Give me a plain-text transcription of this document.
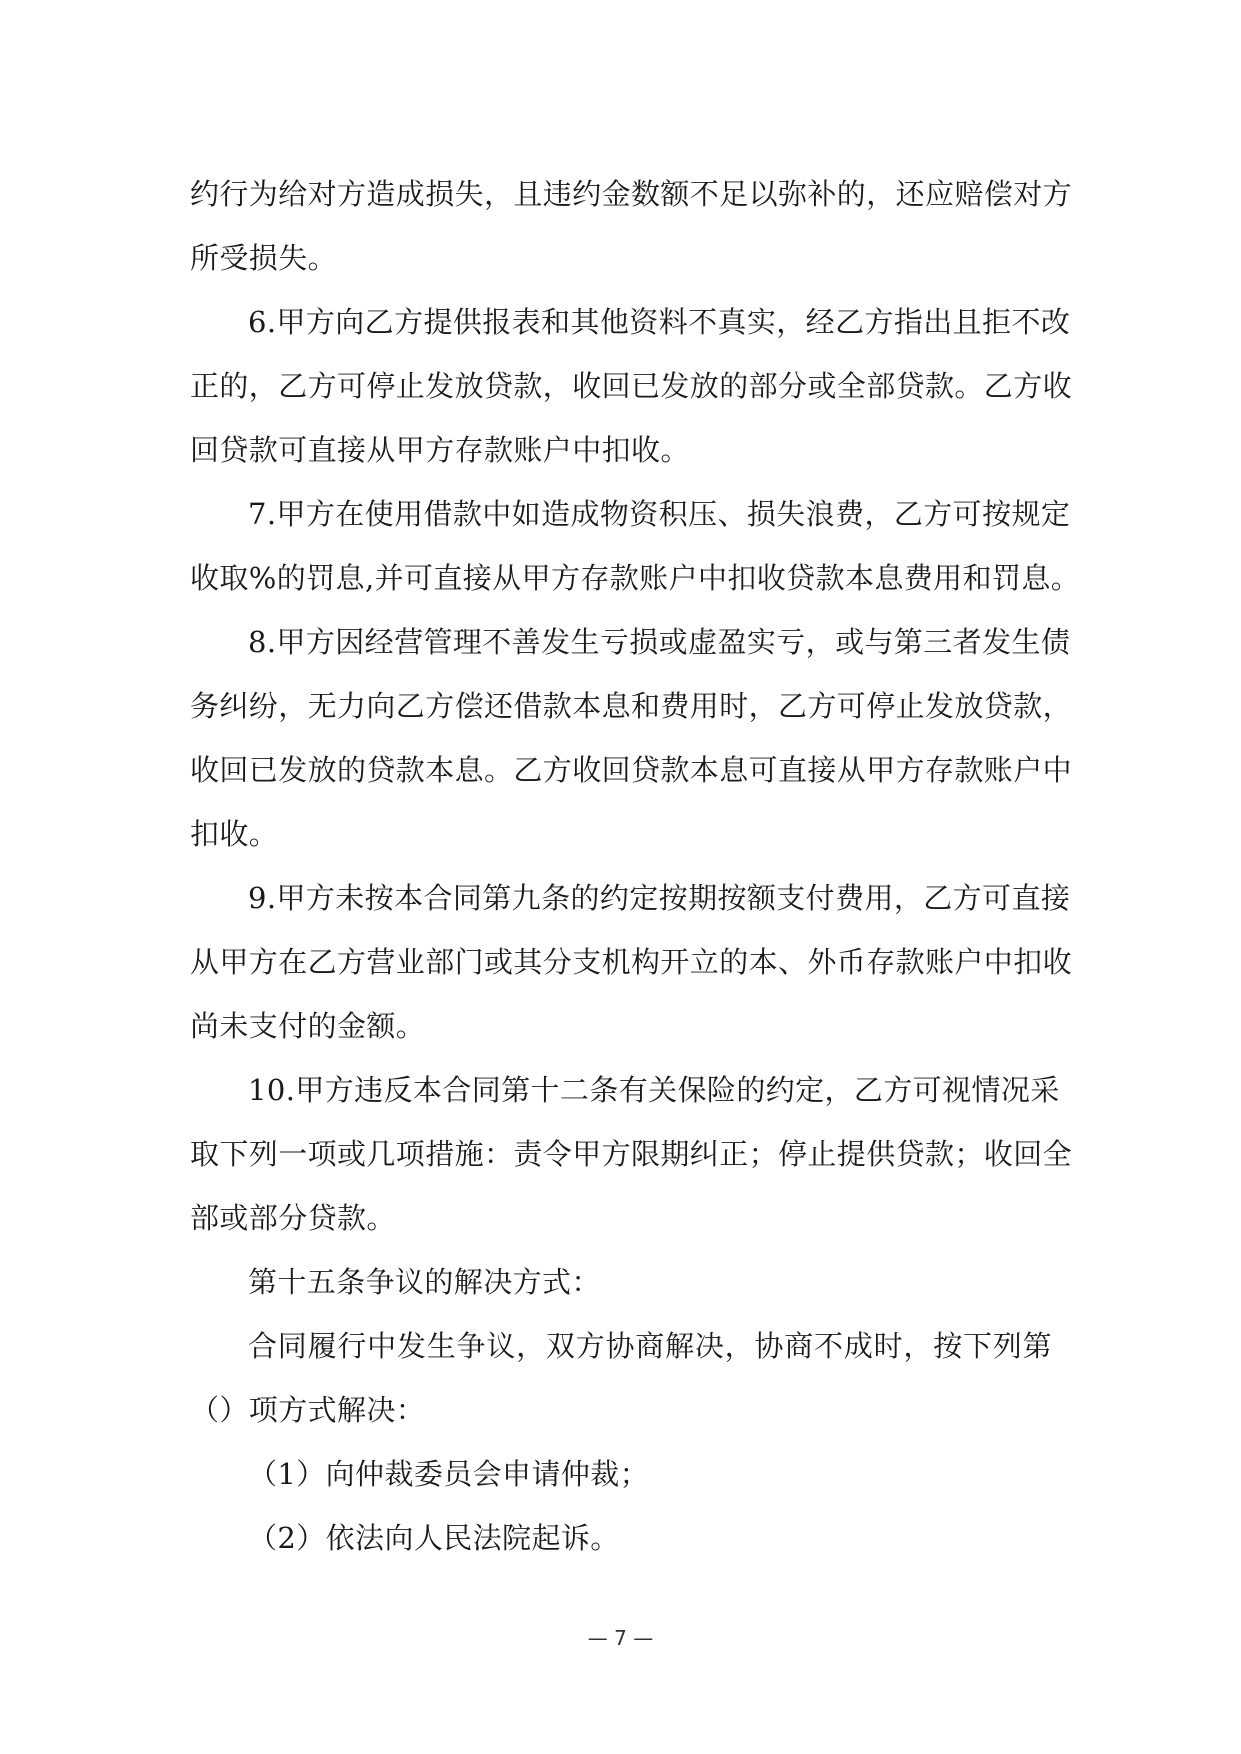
约行为给对方造成损失，且违约金数额不足以弥补的，还应赔偿对方
所受损失。
6.甲方向乙方提供报表和其他资料不真实，经乙方指出且拒不改
正的，乙方可停止发放贷款，收回已发放的部分或全部贷款。乙方收
回贷款可直接从甲方存款账户中扣收。
7.甲方在使用借款中如造成物资积压、损失浪费，乙方可按规定
收取%的罚息,并可直接从甲方存款账户中扣收贷款本息费用和罚息。
8.甲方因经营管理不善发生亏损或虚盈实亏，或与第三者发生债
务纠纷，无力向乙方偿还借款本息和费用时，乙方可停止发放贷款，
收回已发放的贷款本息。乙方收回贷款本息可直接从甲方存款账户中
扣收。
9.甲方未按本合同第九条的约定按期按额支付费用，乙方可直接
从甲方在乙方营业部门或其分支机构开立的本、外币存款账户中扣收
尚未支付的金额。
10.甲方违反本合同第十二条有关保险的约定，乙方可视情况采
取下列一项或几项措施：责令甲方限期纠正；停止提供贷款；收回全
部或部分贷款。
第十五条争议的解决方式：
合同履行中发生争议，双方协商解决，协商不成时，按下列第
（）项方式解决：
（1）向仲裁委员会申请仲裁；
（2）依法向人民法院起诉。
— 7 —
